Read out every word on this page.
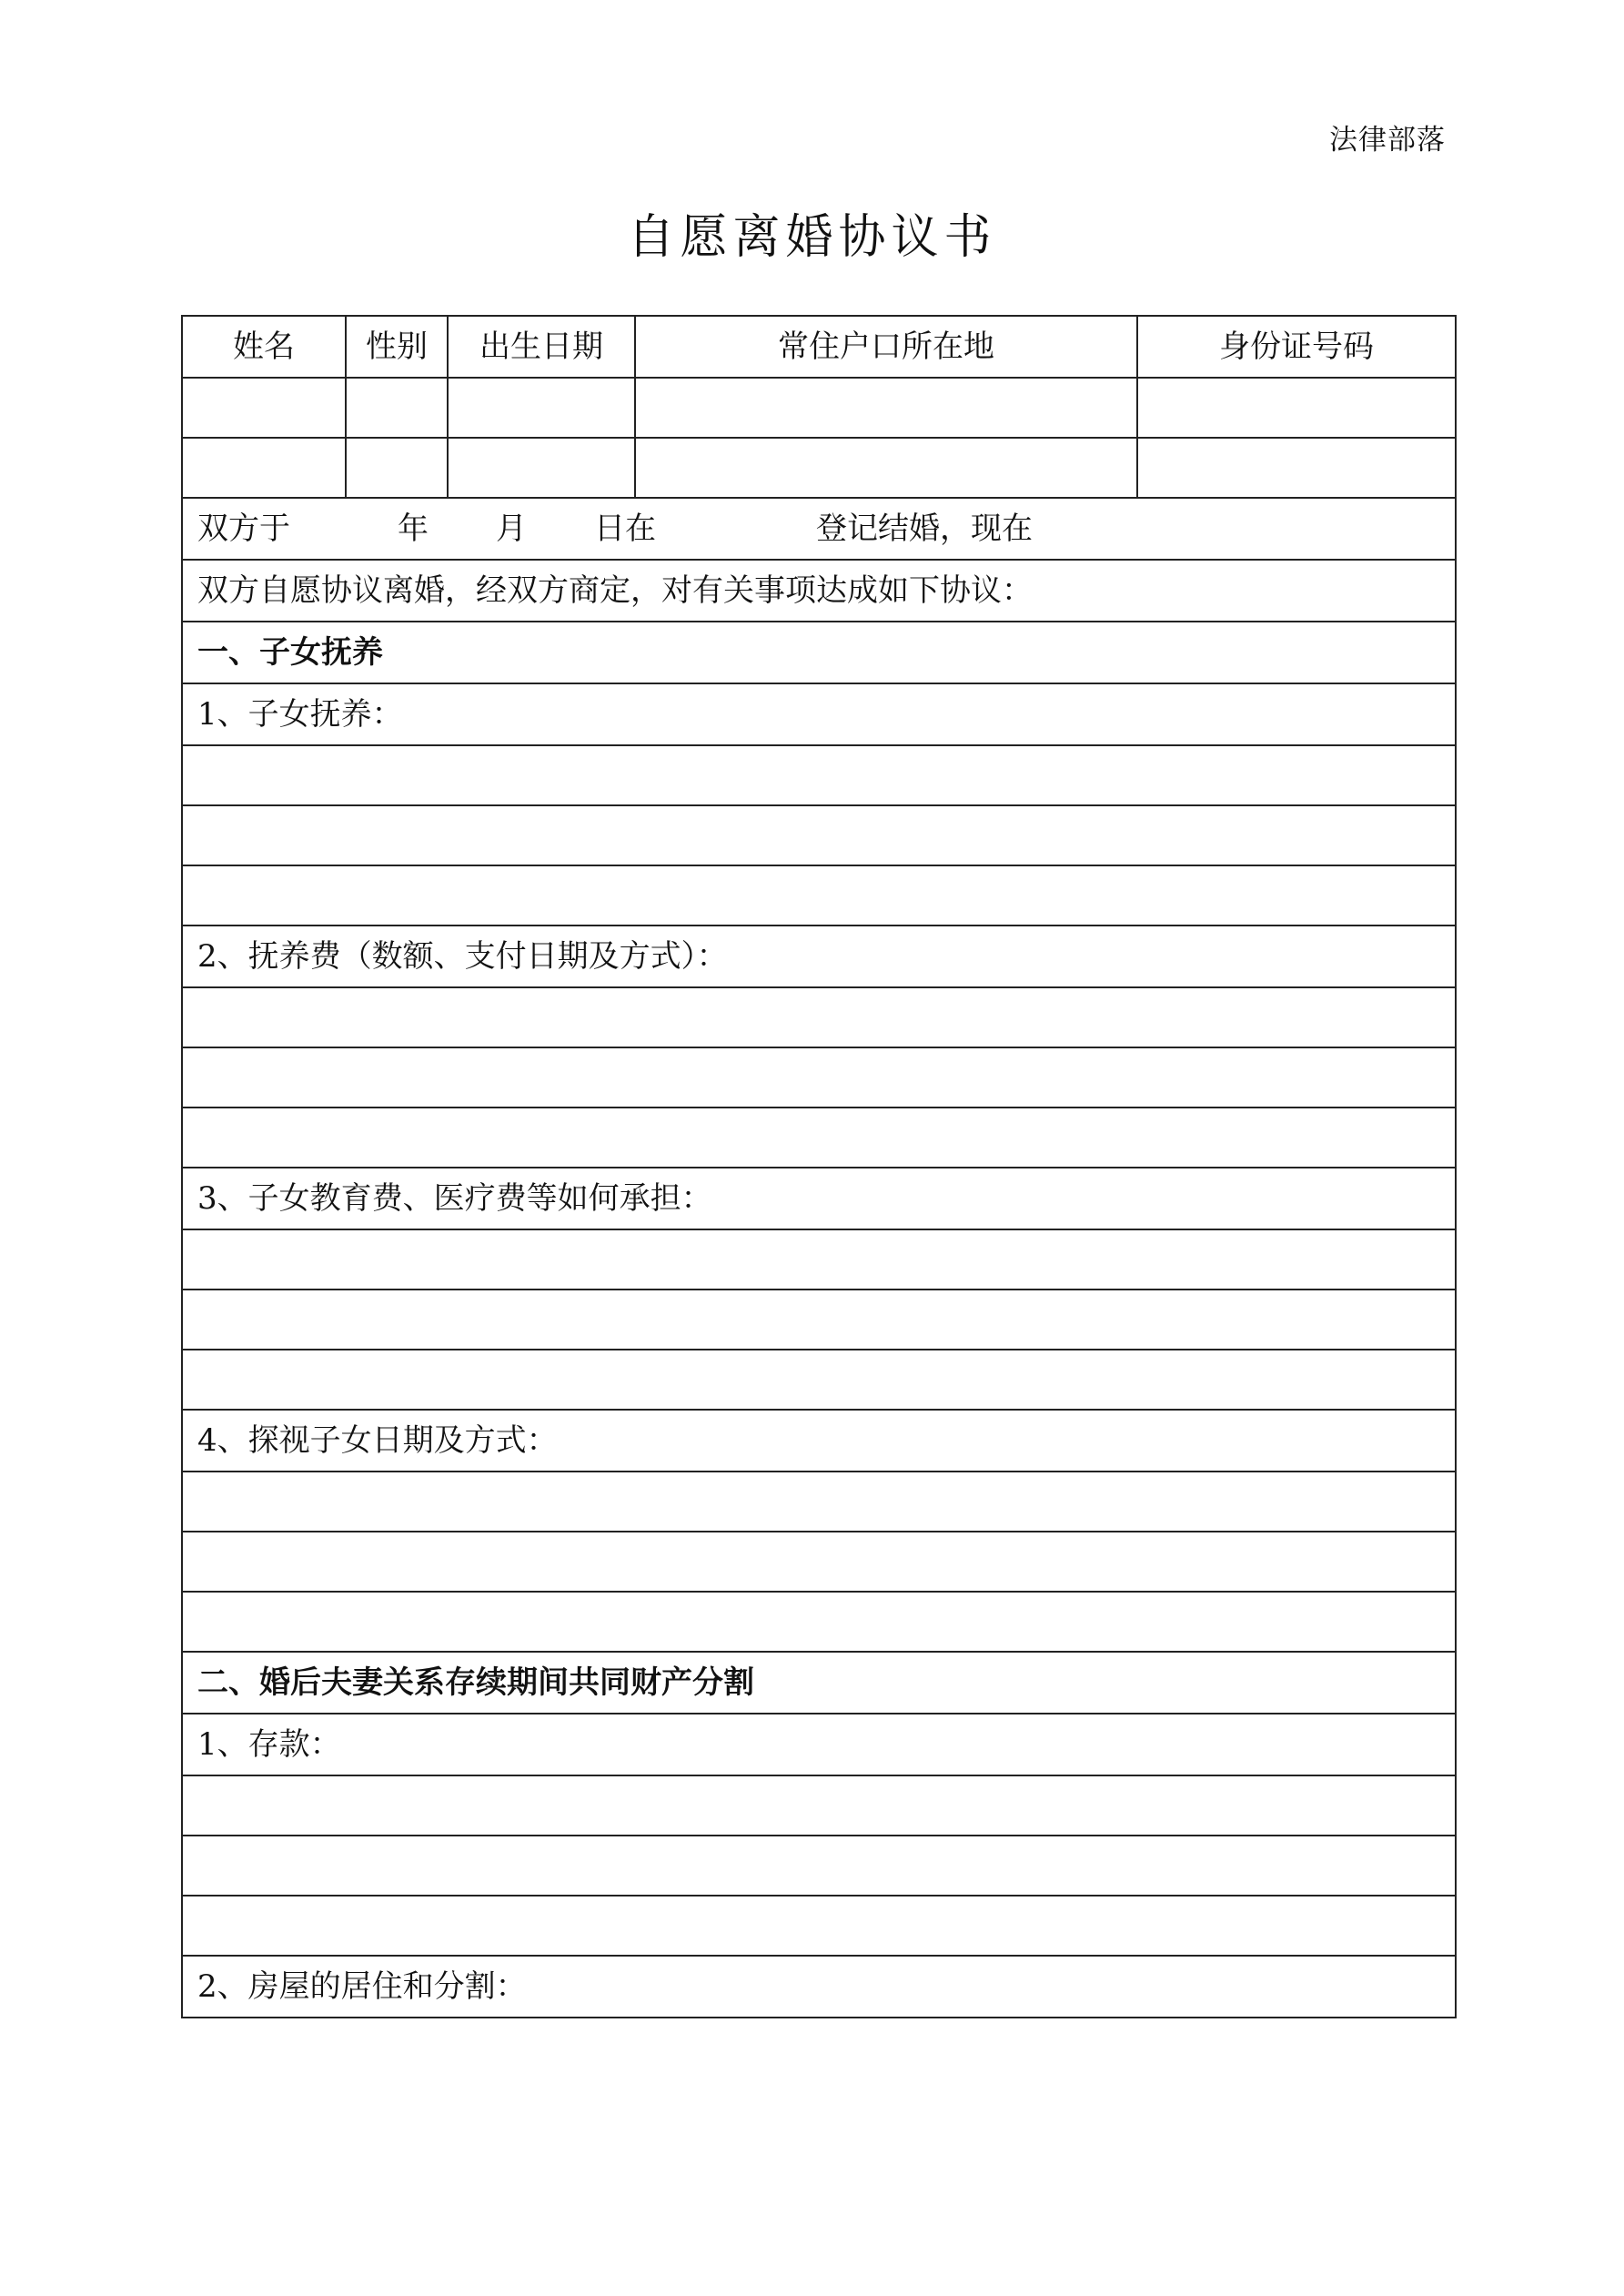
法律部落
自愿离婚协议书
姓名	性别	出生日期	常住户口所在地	身份证号码

双方于 年 月 日在 登记结婚，现在				
双方自愿协议离婚，经双方商定，对有关事项达成如下协议：				
一、子女抚养				
1、子女抚养：				

2、抚养费（数额、支付日期及方式）：				

3、子女教育费、医疗费等如何承担：				

4、探视子女日期及方式：				

二、婚后夫妻关系存续期间共同财产分割				
1、存款：				

2、房屋的居住和分割：				
